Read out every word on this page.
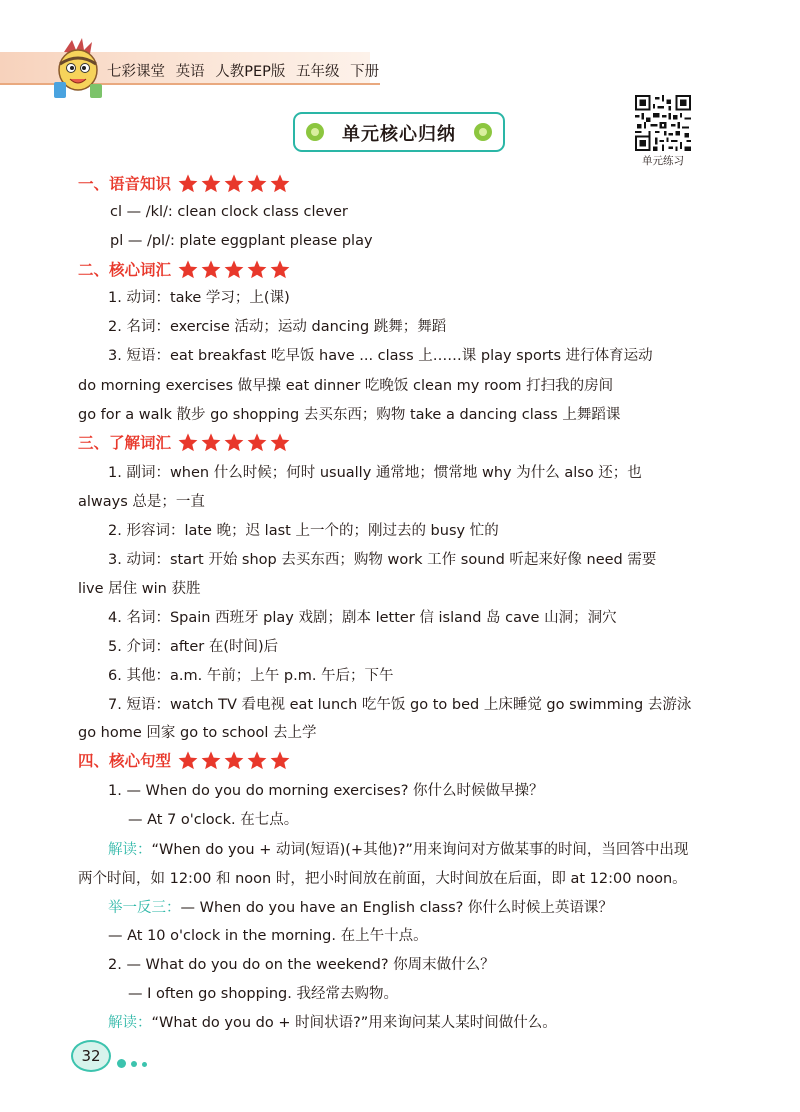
七彩课堂 英语 人教PEP版 五年级 下册
单元核心归纳
单元练习
一、语音知识
二、核心词汇
三、了解词汇
四、核心句型
cl — /kl/: clean clock class clever
pl — /pl/: plate eggplant please play
1. 动词：take 学习；上(课)
2. 名词：exercise 活动；运动 dancing 跳舞；舞蹈
3. 短语：eat breakfast 吃早饭 have ... class 上……课 play sports 进行体育运动
do morning exercises 做早操 eat dinner 吃晚饭 clean my room 打扫我的房间
go for a walk 散步 go shopping 去买东西；购物 take a dancing class 上舞蹈课
1. 副词：when 什么时候；何时 usually 通常地；惯常地 why 为什么 also 还；也
always 总是；一直
2. 形容词：late 晚；迟 last 上一个的；刚过去的 busy 忙的
3. 动词：start 开始 shop 去买东西；购物 work 工作 sound 听起来好像 need 需要
live 居住 win 获胜
4. 名词：Spain 西班牙 play 戏剧；剧本 letter 信 island 岛 cave 山洞；洞穴
5. 介词：after 在(时间)后
6. 其他：a.m. 午前；上午 p.m. 午后；下午
7. 短语：watch TV 看电视 eat lunch 吃午饭 go to bed 上床睡觉 go swimming 去游泳
go home 回家 go to school 去上学
1. — When do you do morning exercises? 你什么时候做早操？
— At 7 o'clock. 在七点。
解读：“When do you + 动词(短语)(+其他)?”用来询问对方做某事的时间，当回答中出现
两个时间，如 12:00 和 noon 时，把小时间放在前面，大时间放在后面，即 at 12:00 noon。
举一反三：— When do you have an English class? 你什么时候上英语课？
— At 10 o'clock in the morning. 在上午十点。
2. — What do you do on the weekend? 你周末做什么？
— I often go shopping. 我经常去购物。
解读：“What do you do + 时间状语?”用来询问某人某时间做什么。
32
